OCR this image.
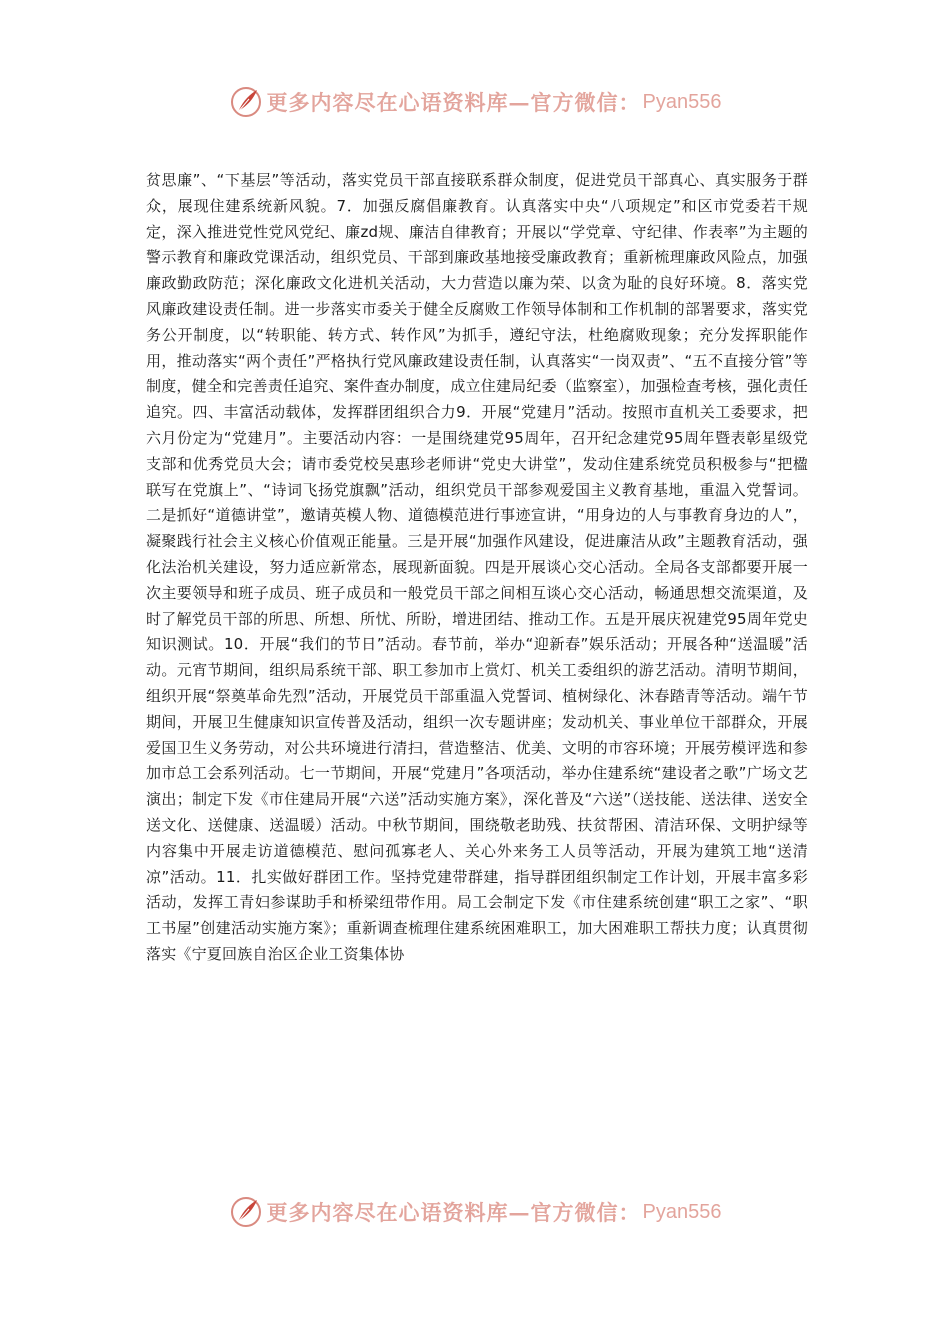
更多内容尽在心语资料库—官方微信： Pyan556

贫思廉”、“下基层”等活动，落实党员干部直接联系群众制度，促进党员干部真心、真实服务于群众，展现住建系统新风貌。7．加强反腐倡廉教育。认真落实中央“八项规定”和区市党委若干规定，深入推进党性党风党纪、廉zd规、廉洁自律教育；开展以“学党章、守纪律、作表率”为主题的警示教育和廉政党课活动，组织党员、干部到廉政基地接受廉政教育；重新梳理廉政风险点，加强廉政勤政防范；深化廉政文化进机关活动，大力营造以廉为荣、以贪为耻的良好环境。8．落实党风廉政建设责任制。进一步落实市委关于健全反腐败工作领导体制和工作机制的部署要求，落实党务公开制度，以“转职能、转方式、转作风”为抓手，遵纪守法，杜绝腐败现象；充分发挥职能作用，推动落实“两个责任”严格执行党风廉政建设责任制，认真落实“一岗双责”、“五不直接分管”等制度，健全和完善责任追究、案件查办制度，成立住建局纪委（监察室），加强检查考核，强化责任追究。四、丰富活动载体，发挥群团组织合力9．开展“党建月”活动。按照市直机关工委要求，把六月份定为“党建月”。主要活动内容：一是围绕建党95周年，召开纪念建党95周年暨表彰星级党支部和优秀党员大会；请市委党校吴惠珍老师讲“党史大讲堂”，发动住建系统党员积极参与“把楹联写在党旗上”、“诗词飞扬党旗飘”活动，组织党员干部参观爱国主义教育基地，重温入党誓词。二是抓好“道德讲堂”，邀请英模人物、道德模范进行事迹宣讲，“用身边的人与事教育身边的人”，凝聚践行社会主义核心价值观正能量。三是开展“加强作风建设，促进廉洁从政”主题教育活动，强化法治机关建设，努力适应新常态，展现新面貌。四是开展谈心交心活动。全局各支部都要开展一次主要领导和班子成员、班子成员和一般党员干部之间相互谈心交心活动，畅通思想交流渠道，及时了解党员干部的所思、所想、所忧、所盼，增进团结、推动工作。五是开展庆祝建党95周年党史知识测试。10．开展“我们的节日”活动。春节前，举办“迎新春”娱乐活动；开展各种“送温暖”活动。元宵节期间，组织局系统干部、职工参加市上赏灯、机关工委组织的游艺活动。清明节期间，组织开展“祭奠革命先烈”活动，开展党员干部重温入党誓词、植树绿化、沐春踏青等活动。端午节期间，开展卫生健康知识宣传普及活动，组织一次专题讲座；发动机关、事业单位干部群众，开展爱国卫生义务劳动，对公共环境进行清扫，营造整洁、优美、文明的市容环境；开展劳模评选和参加市总工会系列活动。七一节期间，开展“党建月”各项活动，举办住建系统“建设者之歌”广场文艺演出；制定下发《市住建局开展“六送”活动实施方案》，深化普及“六送”（送技能、送法律、送安全送文化、送健康、送温暖）活动。中秋节期间，围绕敬老助残、扶贫帮困、清洁环保、文明护绿等内容集中开展走访道德模范、慰问孤寡老人、关心外来务工人员等活动，开展为建筑工地“送清凉”活动。11．扎实做好群团工作。坚持党建带群建，指导群团组织制定工作计划，开展丰富多彩活动，发挥工青妇参谋助手和桥梁纽带作用。局工会制定下发《市住建系统创建“职工之家”、“职工书屋”创建活动实施方案》；重新调查梳理住建系统困难职工，加大困难职工帮扶力度；认真贯彻落实《宁夏回族自治区企业工资集体协

更多内容尽在心语资料库—官方微信： Pyan556
